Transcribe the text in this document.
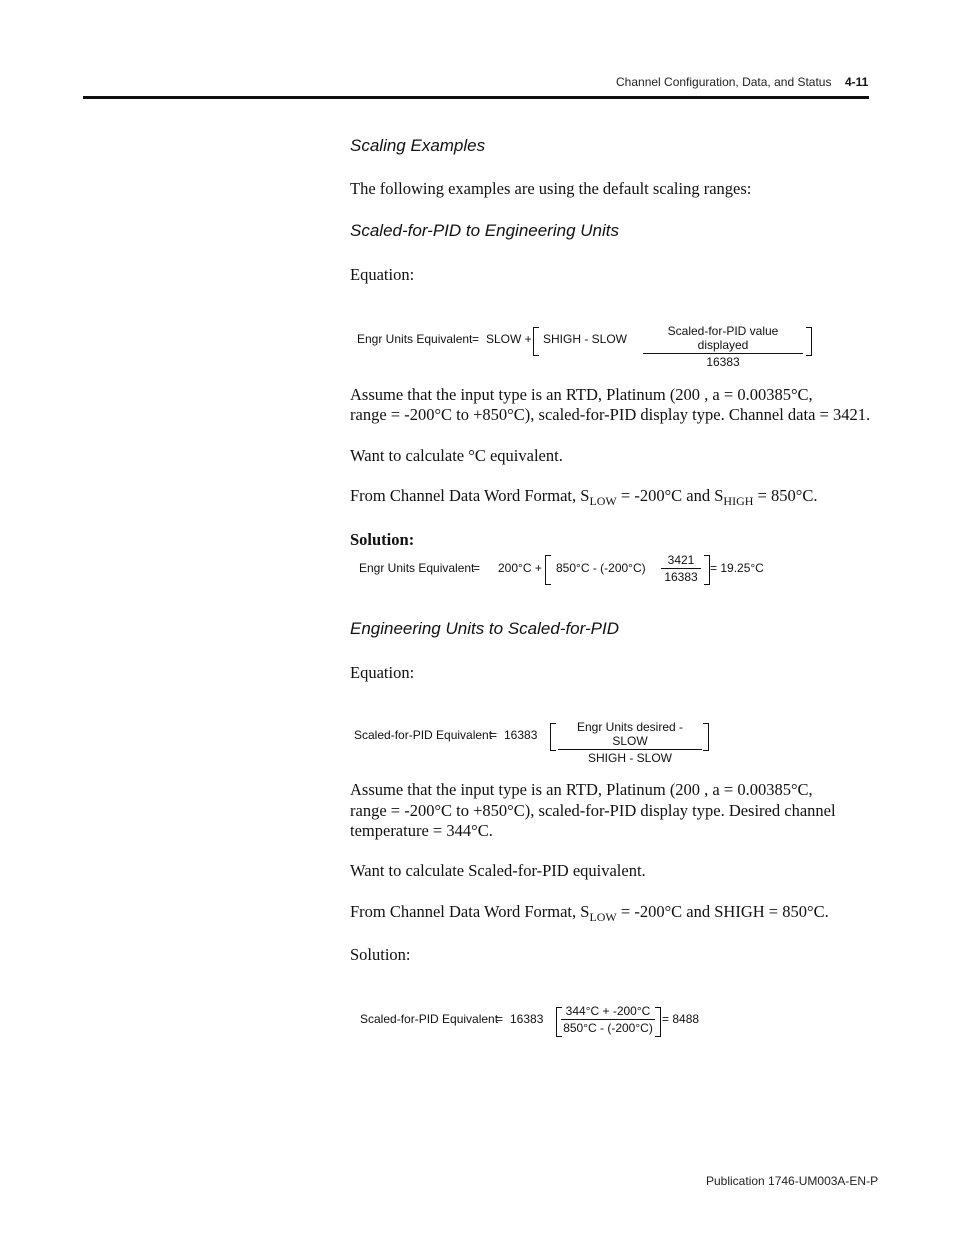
Channel Configuration, Data, and Status 4-11
Scaling Examples
The following examples are using the default scaling ranges:
Scaled-for-PID to Engineering Units
Equation:
Engr Units Equivalent = SLOW + SHIGH - SLOW
Scaled-for-PID value displayed
16383
Assume that the input type is an RTD, Platinum (200 , a = 0.00385°C,
range = -200°C to +850°C), scaled-for-PID display type. Channel data = 3421.
Want to calculate °C equivalent.
From Channel Data Word Format, $S_{LOW} = -200^\circ C$ and $S_{HIGH} = 850^\circ C$.
Solution:
Engr Units Equivalent
= $200^\circ C + 850^\circ C - (-200^\circ C) \frac{3421}{16383} = 19.25^\circ C$
Engineering Units to Scaled-for-PID
Equation:
Scaled-for-PID Equivalent
= 16383
Engr Units desired - SLOW
SHIGH - SLOW
Assume that the input type is an RTD, Platinum (200 , a = 0.00385°C,
range = -200°C to +850°C), scaled-for-PID display type. Desired channel
temperature = 344°C.
Want to calculate Scaled-for-PID equivalent.
From Channel Data Word Format, $S_{LOW} = -200^\circ C$ and SHIGH = 850°C.
Solution:
Scaled-for-PID Equivalent
= $16383 \frac{344^\circ C + -200^\circ C}{850^\circ C - (-200^\circ C)} = 8488$
Publication 1746-UM003A-EN-P
